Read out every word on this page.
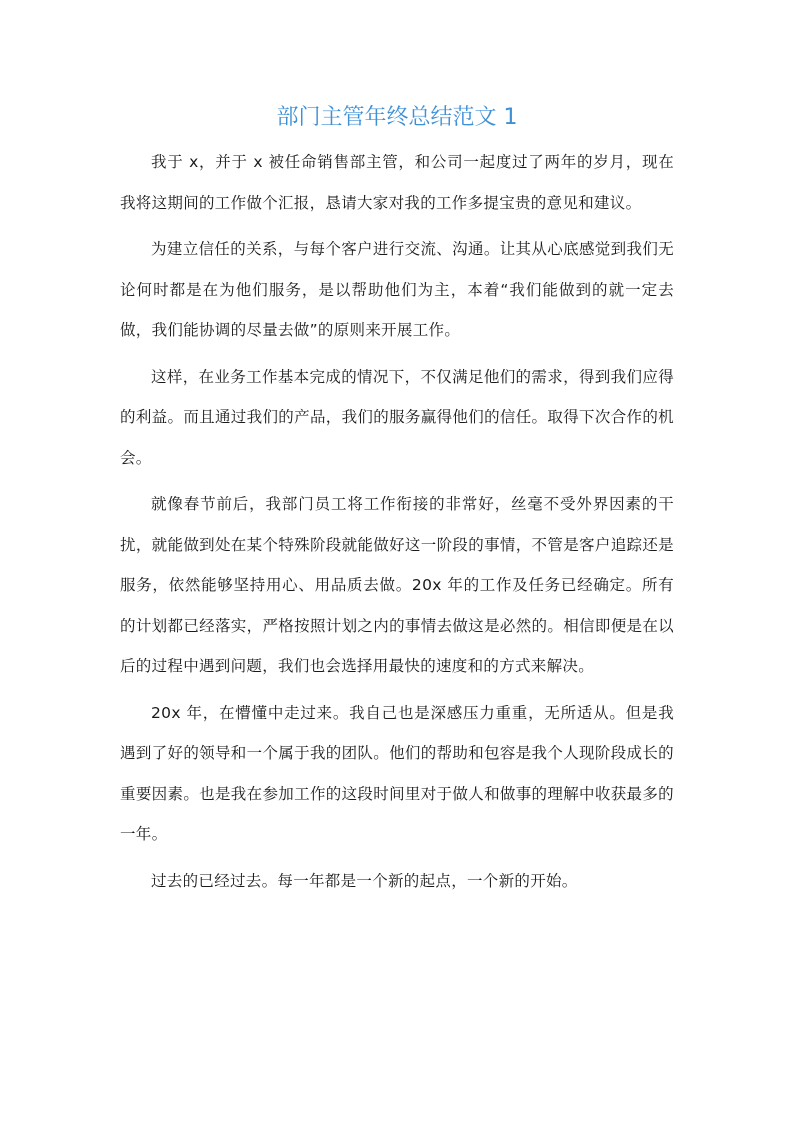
部门主管年终总结范文 1

我于 x，并于 x 被任命销售部主管，和公司一起度过了两年的岁月，现在我将这期间的工作做个汇报，恳请大家对我的工作多提宝贵的意见和建议。

为建立信任的关系，与每个客户进行交流、沟通。让其从心底感觉到我们无论何时都是在为他们服务，是以帮助他们为主，本着“我们能做到的就一定去做，我们能协调的尽量去做”的原则来开展工作。

这样，在业务工作基本完成的情况下，不仅满足他们的需求，得到我们应得的利益。而且通过我们的产品，我们的服务赢得他们的信任。取得下次合作的机会。

就像春节前后，我部门员工将工作衔接的非常好，丝毫不受外界因素的干扰，就能做到处在某个特殊阶段就能做好这一阶段的事情，不管是客户追踪还是服务，依然能够坚持用心、用品质去做。20x 年的工作及任务已经确定。所有的计划都已经落实，严格按照计划之内的事情去做这是必然的。相信即便是在以后的过程中遇到问题，我们也会选择用最快的速度和的方式来解决。

20x 年，在懵懂中走过来。我自己也是深感压力重重，无所适从。但是我遇到了好的领导和一个属于我的团队。他们的帮助和包容是我个人现阶段成长的重要因素。也是我在参加工作的这段时间里对于做人和做事的理解中收获最多的一年。

过去的已经过去。每一年都是一个新的起点，一个新的开始。
